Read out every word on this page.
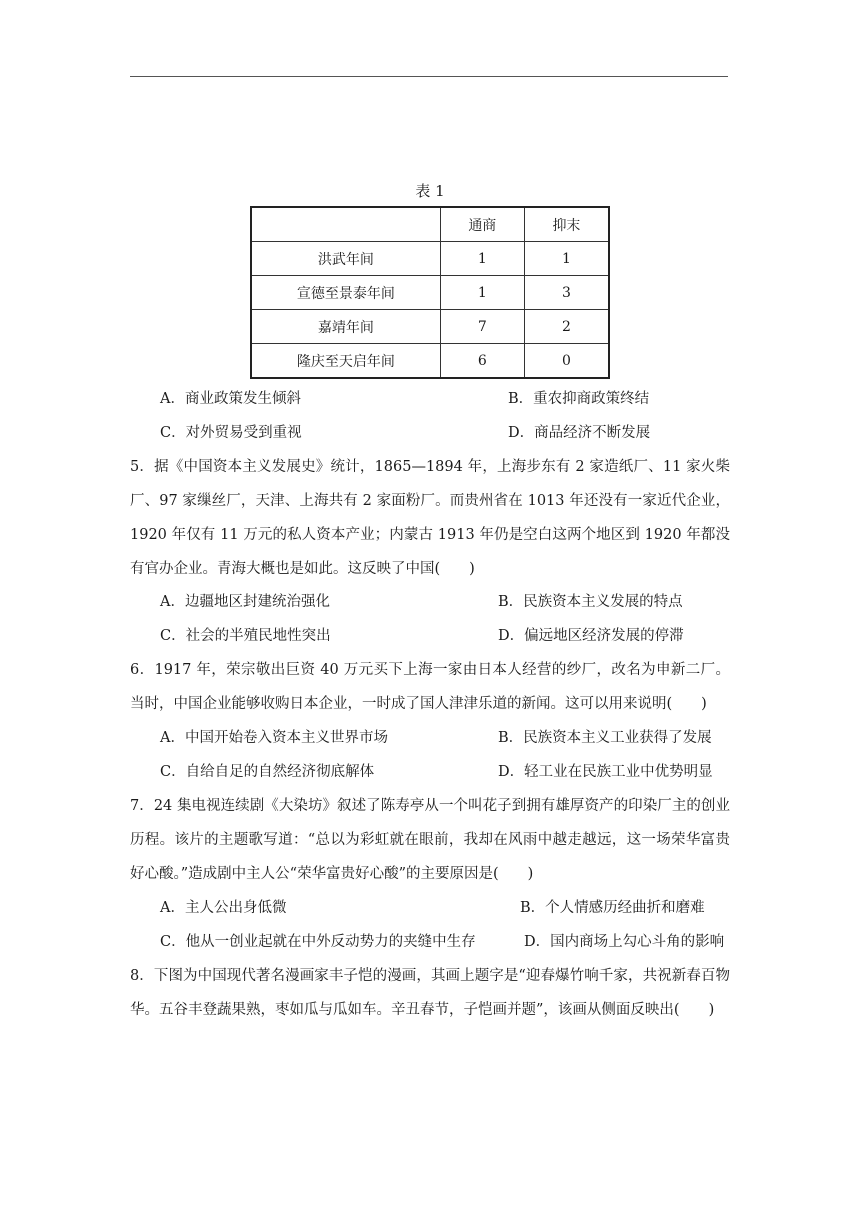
表 1
	通商	抑末
洪武年间	1	1
宣德至景泰年间	1	3
嘉靖年间	7	2
隆庆至天启年间	6	0
A．商业政策发生倾斜	B．重农抑商政策终结
C．对外贸易受到重视	D．商品经济不断发展
5．据《中国资本主义发展史》统计，1865—1894 年，上海步东有 2 家造纸厂、11 家火柴厂、97 家缫丝厂，天津、上海共有 2 家面粉厂。而贵州省在 1013 年还没有一家近代企业，1920 年仅有 11 万元的私人资本产业；内蒙古 1913 年仍是空白这两个地区到 1920 年都没有官办企业。青海大概也是如此。这反映了中国(　　)
A．边疆地区封建统治强化	B．民族资本主义发展的特点
C．社会的半殖民地性突出	D．偏远地区经济发展的停滞
6．1917 年，荣宗敬出巨资 40 万元买下上海一家由日本人经营的纱厂，改名为申新二厂。当时，中国企业能够收购日本企业，一时成了国人津津乐道的新闻。这可以用来说明(　　)
A．中国开始卷入资本主义世界市场	B．民族资本主义工业获得了发展
C．自给自足的自然经济彻底解体	D．轻工业在民族工业中优势明显
7．24 集电视连续剧《大染坊》叙述了陈寿亭从一个叫花子到拥有雄厚资产的印染厂主的创业历程。该片的主题歌写道：“总以为彩虹就在眼前，我却在风雨中越走越远，这一场荣华富贵好心酸。”造成剧中主人公“荣华富贵好心酸”的主要原因是(　　)
A．主人公出身低微	B．个人情感历经曲折和磨难
C．他从一创业起就在中外反动势力的夹缝中生存	D．国内商场上勾心斗角的影响
8．下图为中国现代著名漫画家丰子恺的漫画，其画上题字是“迎春爆竹响千家，共祝新春百物华。五谷丰登蔬果熟，枣如瓜与瓜如车。辛丑春节，子恺画并题”，该画从侧面反映出(　　)
